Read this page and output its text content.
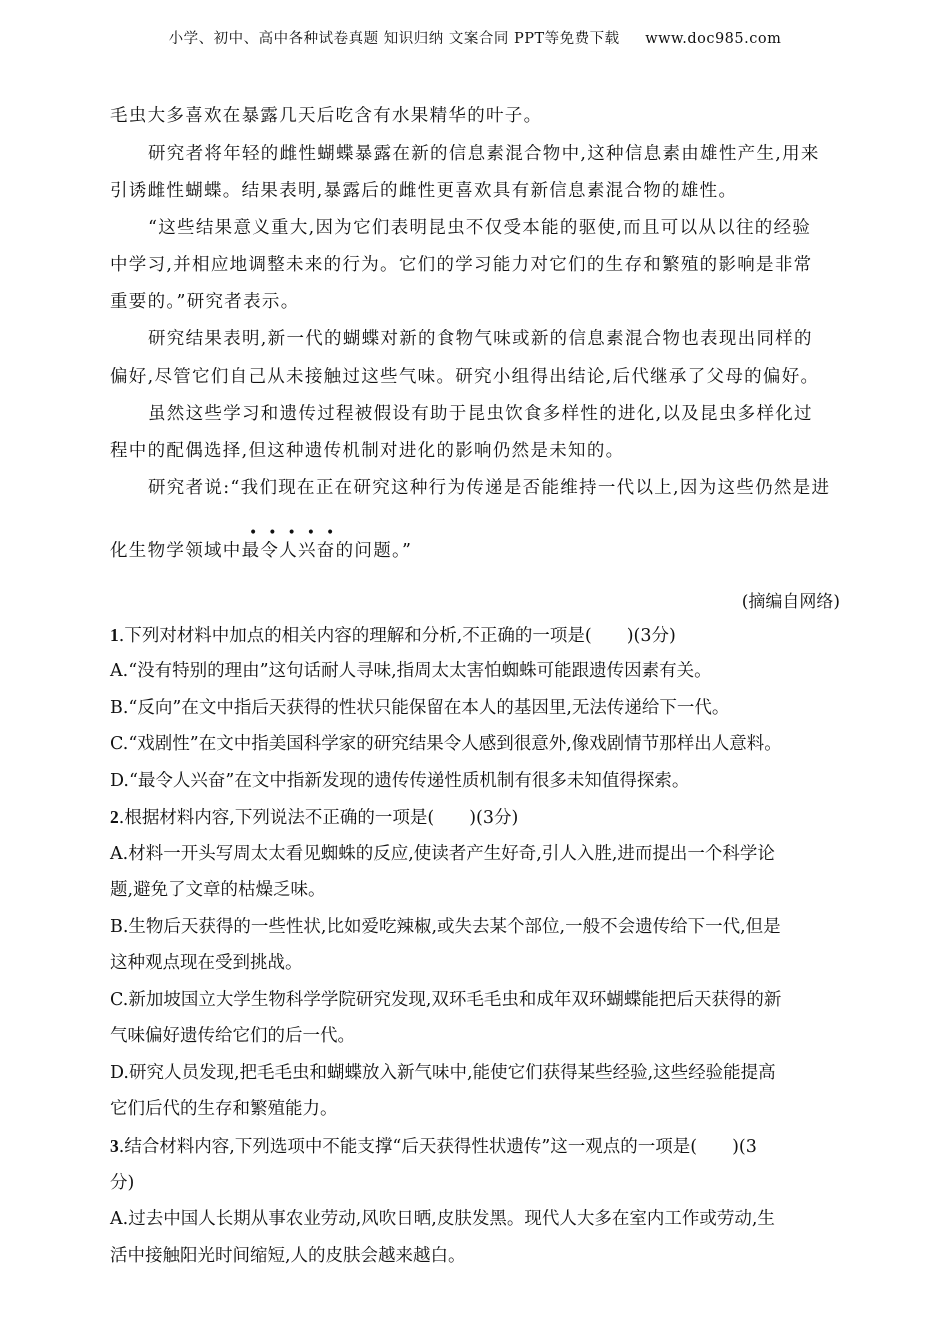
小学、初中、高中各种试卷真题 知识归纳 文案合同 PPT等免费下载 www.doc985.com
毛虫大多喜欢在暴露几天后吃含有水果精华的叶子。
研究者将年轻的雌性蝴蝶暴露在新的信息素混合物中,这种信息素由雄性产生,用来
引诱雌性蝴蝶。结果表明,暴露后的雌性更喜欢具有新信息素混合物的雄性。
“这些结果意义重大,因为它们表明昆虫不仅受本能的驱使,而且可以从以往的经验
中学习,并相应地调整未来的行为。它们的学习能力对它们的生存和繁殖的影响是非常
重要的。”研究者表示。
研究结果表明,新一代的蝴蝶对新的食物气味或新的信息素混合物也表现出同样的
偏好,尽管它们自己从未接触过这些气味。研究小组得出结论,后代继承了父母的偏好。
虽然这些学习和遗传过程被假设有助于昆虫饮食多样性的进化,以及昆虫多样化过
程中的配偶选择,但这种遗传机制对进化的影响仍然是未知的。
研究者说:“我们现在正在研究这种行为传递是否能维持一代以上,因为这些仍然是进
•••••
化生物学领域中最令人兴奋的问题。”
(摘编自网络)
1.下列对材料中加点的相关内容的理解和分析,不正确的一项是(　　)(3分)
A.“没有特别的理由”这句话耐人寻味,指周太太害怕蜘蛛可能跟遗传因素有关。
B.“反向”在文中指后天获得的性状只能保留在本人的基因里,无法传递给下一代。
C.“戏剧性”在文中指美国科学家的研究结果令人感到很意外,像戏剧情节那样出人意料。
D.“最令人兴奋”在文中指新发现的遗传传递性质机制有很多未知值得探索。
2.根据材料内容,下列说法不正确的一项是(　　)(3分)
A.材料一开头写周太太看见蜘蛛的反应,使读者产生好奇,引人入胜,进而提出一个科学论
题,避免了文章的枯燥乏味。
B.生物后天获得的一些性状,比如爱吃辣椒,或失去某个部位,一般不会遗传给下一代,但是
这种观点现在受到挑战。
C.新加坡国立大学生物科学学院研究发现,双环毛毛虫和成年双环蝴蝶能把后天获得的新
气味偏好遗传给它们的后一代。
D.研究人员发现,把毛毛虫和蝴蝶放入新气味中,能使它们获得某些经验,这些经验能提高
它们后代的生存和繁殖能力。
3.结合材料内容,下列选项中不能支撑“后天获得性状遗传”这一观点的一项是(　　)(3
分)
A.过去中国人长期从事农业劳动,风吹日晒,皮肤发黑。现代人大多在室内工作或劳动,生
活中接触阳光时间缩短,人的皮肤会越来越白。
